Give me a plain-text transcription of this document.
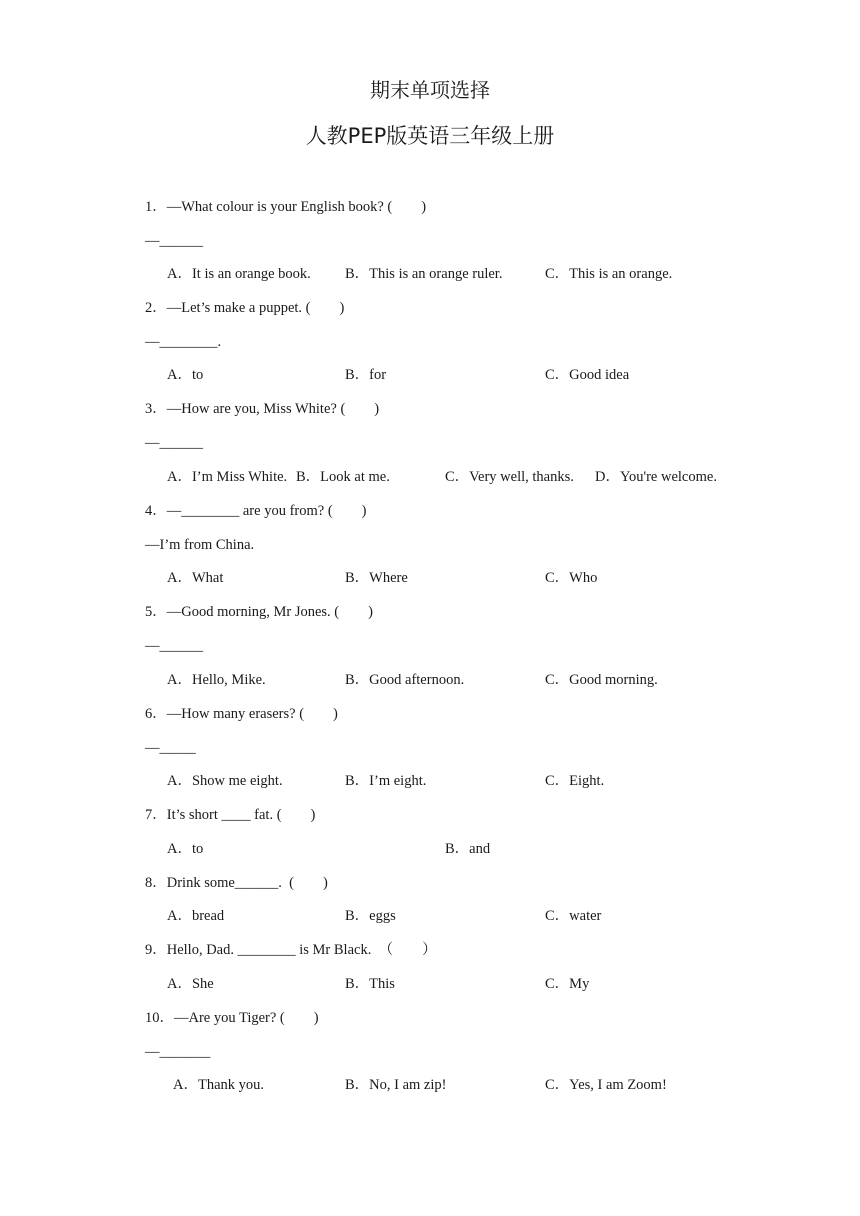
期末单项选择
人教PEP版英语三年级上册
1．—What colour is your English book? (　　)
—______
A．It is an orange book. B．This is an orange ruler.	C．This is an orange.
2．—Let’s make a puppet. (　　)
—________.
A．to	B．for	C．Good idea
3．—How are you, Miss White? (　　)
—______
A．I’m Miss White. B．Look at me.	C．Very well, thanks. D．You're welcome.
4．—________ are you from? (　　)
—I’m from China.
A．What	B．Where	C．Who
5．—Good morning, Mr Jones. (　　)
—______
A．Hello, Mike.	B．Good afternoon.	C．Good morning.
6．—How many erasers? (　　)
—_____
A．Show me eight.	B．I’m eight.	C．Eight.
7．It’s short ____ fat. (　　)
A．to	B．and
8．Drink some______.  (　　)
A．bread	B．eggs	C．water
9．Hello, Dad. ________ is Mr Black.  （　　）
A．She	B．This	C．My
10．—Are you Tiger? (　　)
—_______
A．Thank you.	B．No, I am zip!	C．Yes, I am Zoom!
